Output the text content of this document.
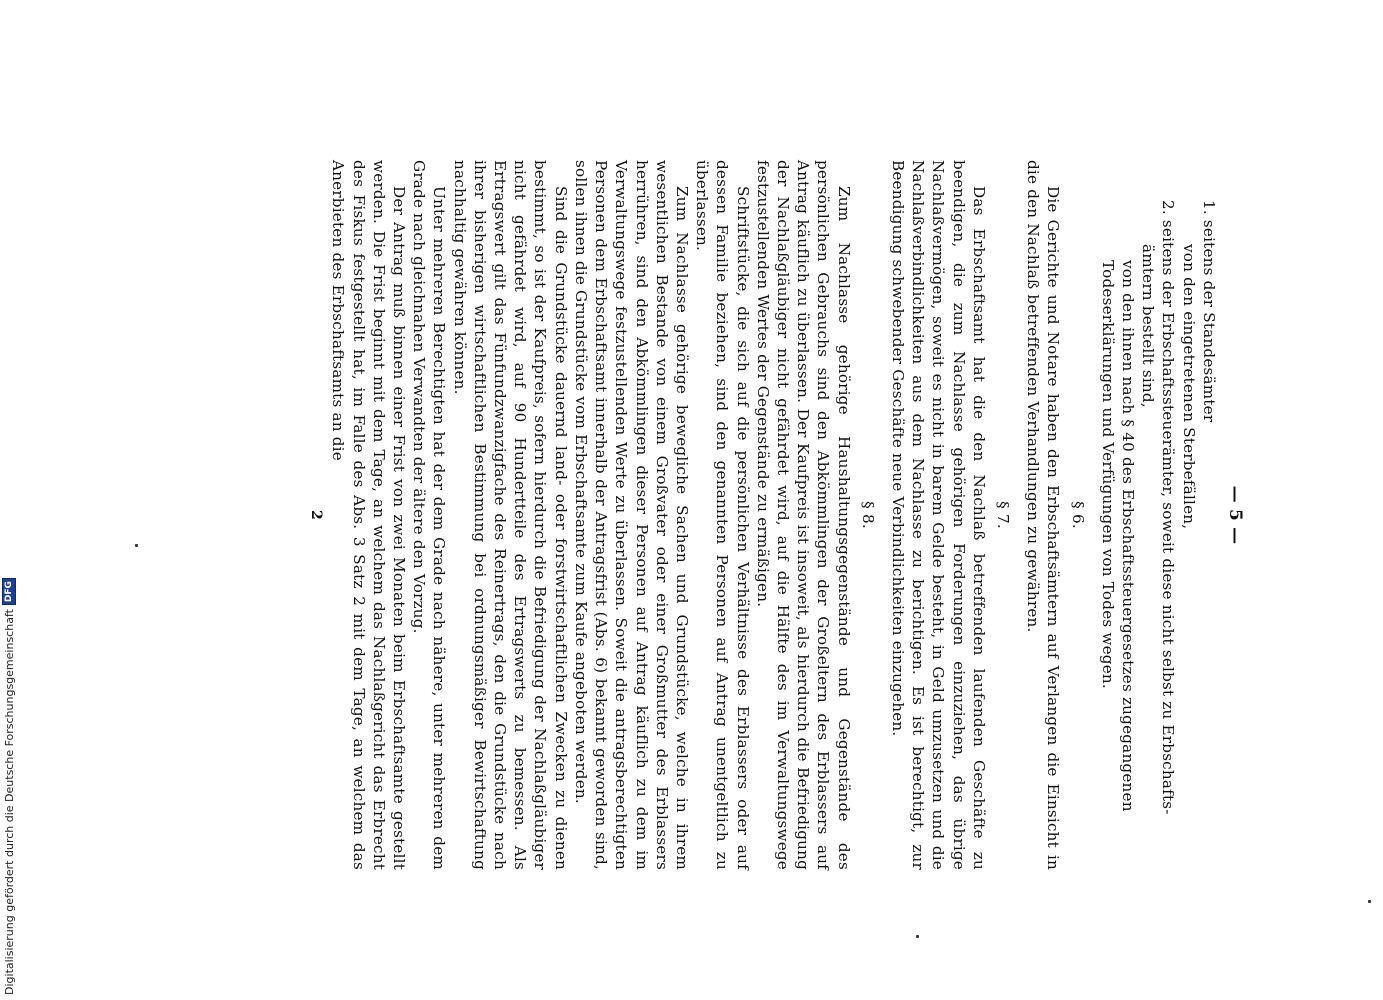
— 5 —
1. seitens der Standesämter
von den eingetretenen Sterbefällen,
2. seitens der Erbschaftssteuerämter, soweit diese nicht selbst zu Erbschafts-
ämtern bestellt sind,
von den ihnen nach § 40 des Erbschaftssteuergesetzes zugegangenen
Todeserklärungen und Verfügungen von Todes wegen.
§ 6.

Die Gerichte und Notare haben den Erbschaftsämtern auf Verlangen die Einsicht in die den Nachlaß betreffenden Verhandlungen zu gewähren.

§ 7.

Das Erbschaftsamt hat die den Nachlaß betreffenden laufenden Geschäfte zu beendigen, die zum Nachlasse gehörigen Forderungen einzuziehen, das übrige Nachlaßvermögen, soweit es nicht in barem Gelde besteht, in Geld umzusetzen und die Nachlaßverbindlichkeiten aus dem Nachlasse zu berichtigen. Es ist berechtigt, zur Beendigung schwebender Geschäfte neue Verbindlichkeiten einzugehen.

§ 8.

Zum Nachlasse gehörige Haushaltungsgegenstände und Gegenstände des persönlichen Gebrauchs sind den Abkömmlingen der Großeltern des Erblassers auf Antrag käuflich zu überlassen. Der Kaufpreis ist insoweit, als hierdurch die Befriedigung der Nachlaßgläubiger nicht gefährdet wird, auf die Hälfte des im Verwaltungswege festzustellenden Wertes der Gegenstände zu ermäßigen.

Schriftstücke, die sich auf die persönlichen Verhältnisse des Erblassers oder auf dessen Familie beziehen, sind den genannten Personen auf Antrag unentgeltlich zu überlassen.

Zum Nachlasse gehörige bewegliche Sachen und Grundstücke, welche in ihrem wesentlichen Bestande von einem Großvater oder einer Großmutter des Erblassers herrühren, sind den Abkömmlingen dieser Personen auf Antrag käuflich zu dem im Verwaltungswege festzustellenden Werte zu überlassen. Soweit die antragsberechtigten Personen dem Erbschaftsamt innerhalb der Antragsfrist (Abs. 6) bekannt geworden sind, sollen ihnen die Grundstücke vom Erbschaftsamte zum Kaufe angeboten werden.

Sind die Grundstücke dauernd land- oder forstwirtschaftlichen Zwecken zu dienen bestimmt, so ist der Kaufpreis, sofern hierdurch die Befriedigung der Nachlaßgläubiger nicht gefährdet wird, auf 90 Hundertteile des Ertragswerts zu bemessen. Als Ertragswert gilt das Fünfundzwanzigfache des Reinertrags, den die Grundstücke nach ihrer bisherigen wirtschaftlichen Bestimmung bei ordnungsmäßiger Bewirtschaftung nachhaltig gewähren können.

Unter mehreren Berechtigten hat der dem Grade nach nähere, unter mehreren dem Grade nach gleichnahen Verwandten der ältere den Vorzug.

Der Antrag muß binnen einer Frist von zwei Monaten beim Erbschaftsamte gestellt werden. Die Frist beginnt mit dem Tage, an welchem das Nachlaßgericht das Erbrecht des Fiskus festgestellt hat, im Falle des Abs. 3 Satz 2 mit dem Tage, an welchem das Anerbieten des Erbschaftsamts an die

2
Digitalisierung gefördert durch die Deutsche Forschungsgemeinschaft
DFG
